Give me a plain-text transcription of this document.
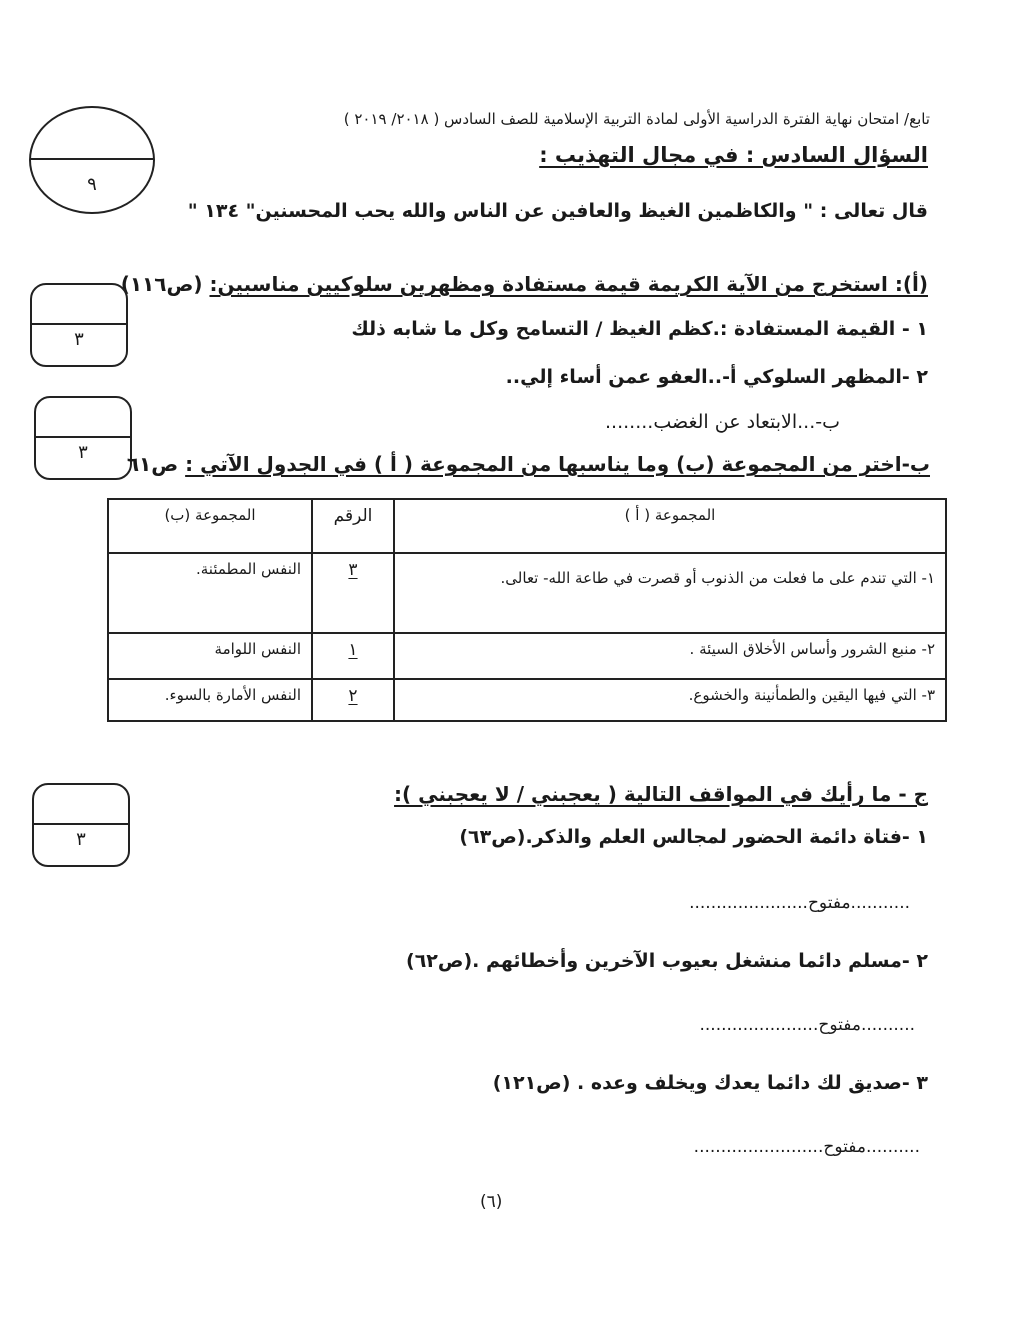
تابع/ امتحان نهاية الفترة الدراسية الأولى لمادة التربية الإسلامية للصف السادس ( ٢٠١٨/ ٢٠١٩ )
٩
السؤال السادس : في مجال التهذيب :
قال تعالى : " والكاظمين الغيظ والعافين عن الناس والله يحب المحسنين" ١٣٤ "
(أ): استخرج من الآية الكريمة قيمة مستفادة ومظهرين سلوكيين مناسبين: (ص١١٦)
٣	١ - القيمة المستفادة :.كظم الغيظ / التسامح وكل ما شابه ذلك
٢ -المظهر السلوكي أ-..العفو عمن أساء إلي..
٣
ب-...الابتعاد عن الغضب........
ب-اختر من المجموعة (ب) وما يناسبها من المجموعة ( أ ) في الجدول الآتي : ص٦١
المجموعة ( أ )	الرقم	المجموعة (ب)
١- التي تندم على ما فعلت من الذنوب أو قصرت في طاعة الله- تعالى.	٣	النفس المطمئنة.
٢- منبع الشرور وأساس الأخلاق السيئة .	١	النفس اللوامة
٣- التي فيها اليقين والطمأنينة والخشوع.	٢	النفس الأمارة بالسوء.
٣
ج - ما رأيك في المواقف التالية ( يعجبني / لا يعجبني ):
١ -فتاة دائمة الحضور لمجالس العلم والذكر.(ص٦٣)
...........مفتوح......................
٢ -مسلم دائما منشغل بعيوب الآخرين وأخطائهم .(ص٦٢)
..........مفتوح......................
٣ -صديق لك دائما يعدك ويخلف وعده . (ص١٢١)
..........مفتوح........................
(٦)
